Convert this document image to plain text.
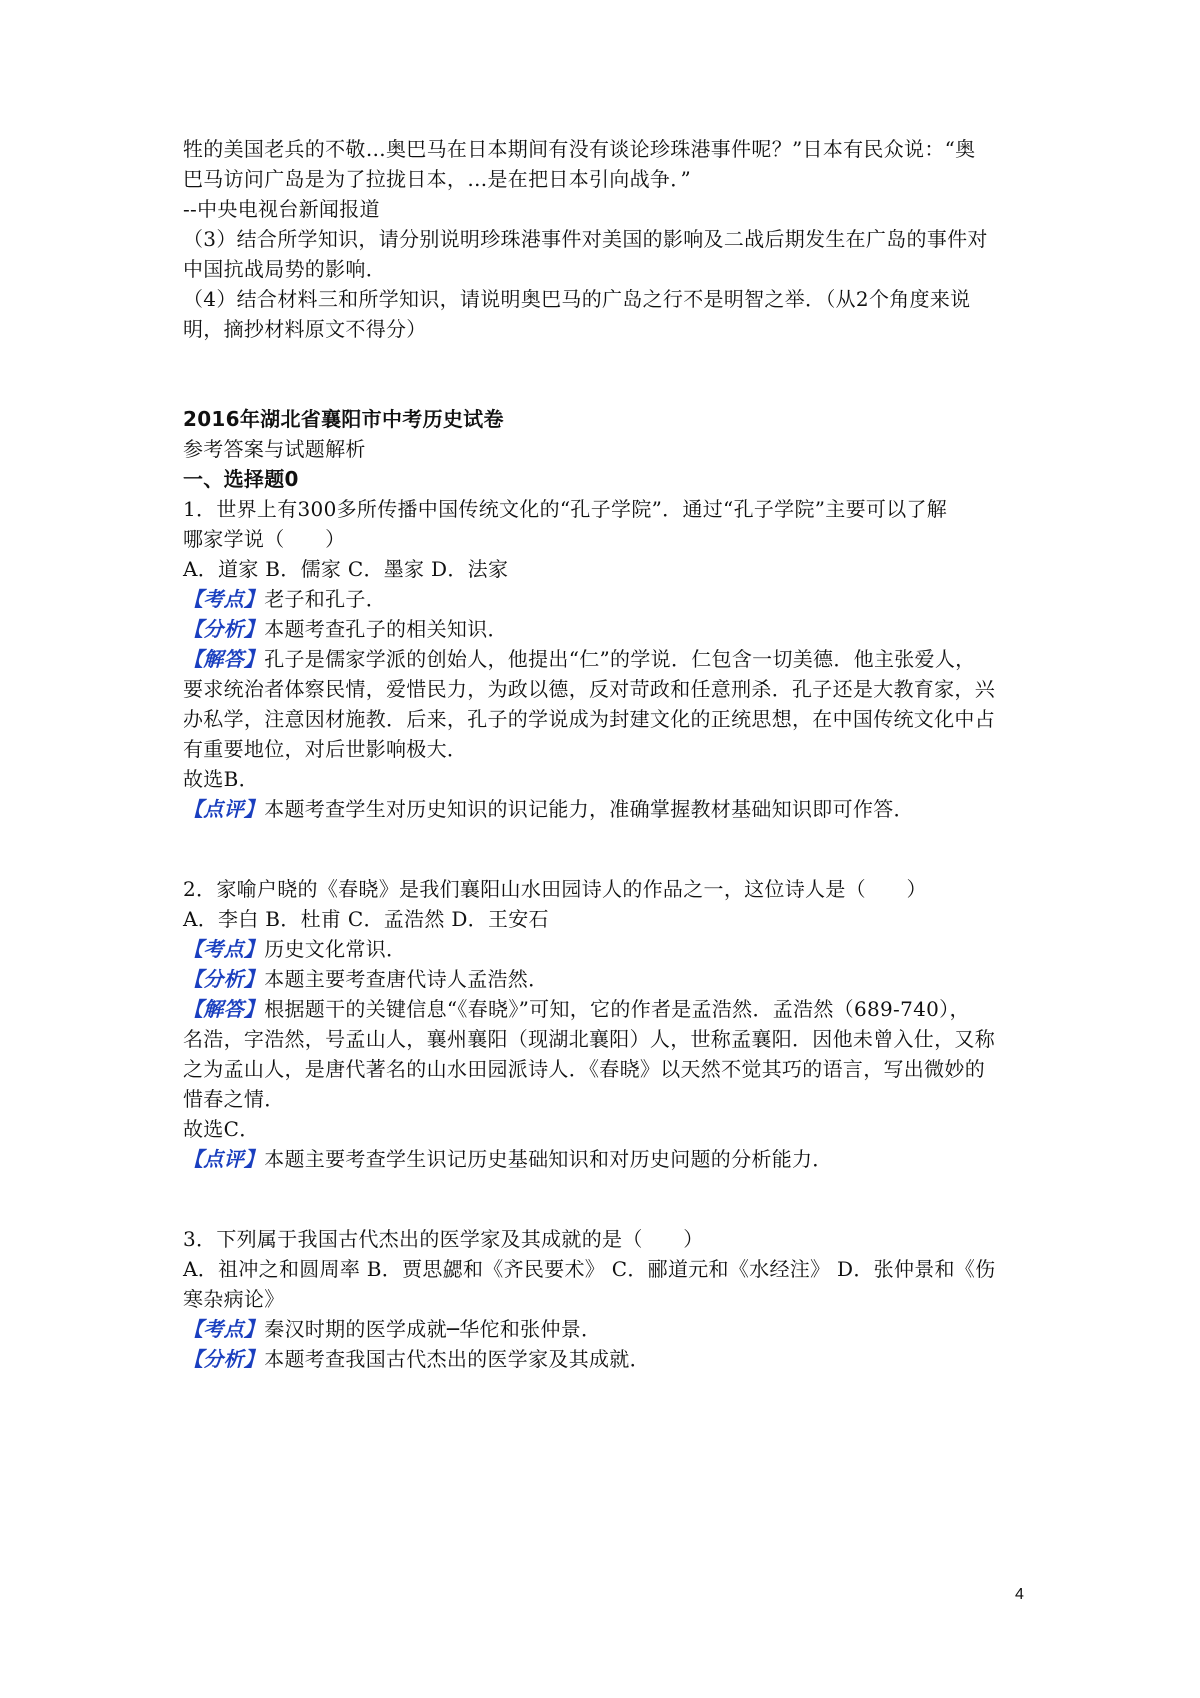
牲的美国老兵的不敬…奥巴马在日本期间有没有谈论珍珠港事件呢？”日本有民众说：“奥
巴马访问广岛是为了拉拢日本，…是在把日本引向战争．”
--中央电视台新闻报道
（3）结合所学知识，请分别说明珍珠港事件对美国的影响及二战后期发生在广岛的事件对
中国抗战局势的影响．
（4）结合材料三和所学知识，请说明奥巴马的广岛之行不是明智之举．（从2个角度来说
明，摘抄材料原文不得分）
2016年湖北省襄阳市中考历史试卷
参考答案与试题解析
一、选择题0
1．世界上有300多所传播中国传统文化的“孔子学院”．通过“孔子学院”主要可以了解
哪家学说（　　）
A．道家 B．儒家 C．墨家 D．法家
【考点】老子和孔子．
【分析】本题考查孔子的相关知识．
【解答】孔子是儒家学派的创始人，他提出“仁”的学说．仁包含一切美德．他主张爱人，
要求统治者体察民情，爱惜民力，为政以德，反对苛政和任意刑杀．孔子还是大教育家，兴
办私学，注意因材施教．后来，孔子的学说成为封建文化的正统思想，在中国传统文化中占
有重要地位，对后世影响极大．
故选B．
【点评】本题考查学生对历史知识的识记能力，准确掌握教材基础知识即可作答．
2．家喻户晓的《春晓》是我们襄阳山水田园诗人的作品之一，这位诗人是（　　）
A．李白 B．杜甫 C．孟浩然 D．王安石
【考点】历史文化常识．
【分析】本题主要考查唐代诗人孟浩然．
【解答】根据题干的关键信息“《春晓》”可知，它的作者是孟浩然．孟浩然（689-740），
名浩，字浩然，号孟山人，襄州襄阳（现湖北襄阳）人，世称孟襄阳．因他未曾入仕，又称
之为孟山人，是唐代著名的山水田园派诗人．《春晓》以天然不觉其巧的语言，写出微妙的
惜春之情．
故选C．
【点评】本题主要考查学生识记历史基础知识和对历史问题的分析能力．
3．下列属于我国古代杰出的医学家及其成就的是（　　）
A．祖冲之和圆周率 B．贾思勰和《齐民要术》 C．郦道元和《水经注》 D．张仲景和《伤
寒杂病论》
【考点】秦汉时期的医学成就─华佗和张仲景．
【分析】本题考查我国古代杰出的医学家及其成就．
4
